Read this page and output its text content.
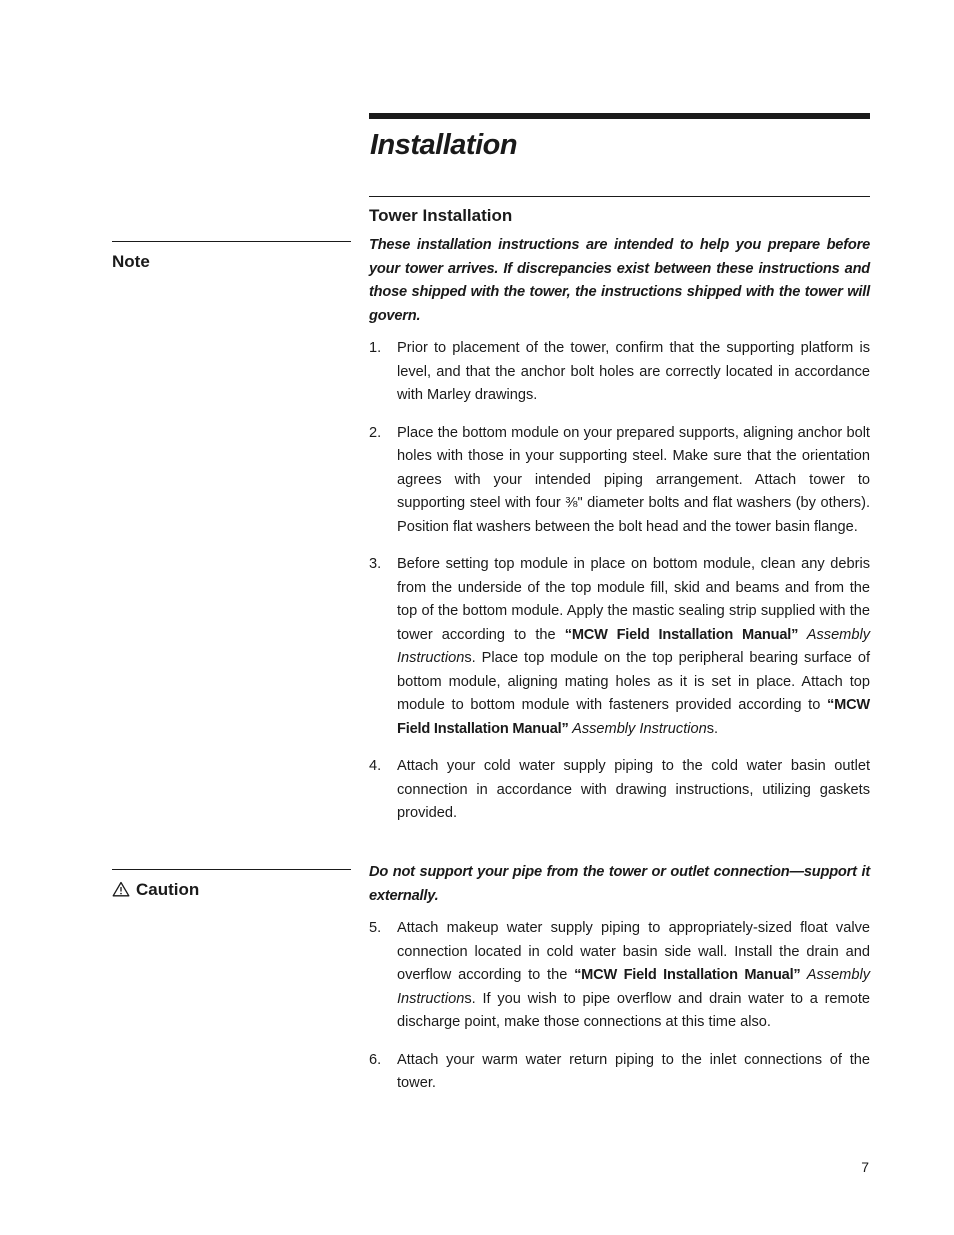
Installation
Tower Installation
Note

These installation instructions are intended to help you prepare before your tower arrives. If discrepancies exist between these instructions and those shipped with the tower, the instructions shipped with the tower will govern.

1. Prior to placement of the tower, confirm that the supporting platform is level, and that the anchor bolt holes are correctly located in accordance with Marley drawings.
2. Place the bottom module on your prepared supports, aligning anchor bolt holes with those in your supporting steel. Make sure that the orientation agrees with your intended piping arrangement. Attach tower to supporting steel with four ⅜" diameter bolts and flat washers (by others). Position flat washers between the bolt head and the tower basin flange.
3. Before setting top module in place on bottom module, clean any debris from the underside of the top module fill, skid and beams and from the top of the bottom module. Apply the mastic sealing strip supplied with the tower according to the “MCW Field Installation Manual” Assembly Instructions. Place top module on the top peripheral bearing surface of bottom module, aligning mating holes as it is set in place. Attach top module to bottom module with fasteners provided according to “MCW Field Installation Manual” Assembly Instructions.
4. Attach your cold water supply piping to the cold water basin outlet connection in accordance with drawing instructions, utilizing gaskets provided.
Caution

Do not support your pipe from the tower or outlet connection—support it externally.

5. Attach makeup water supply piping to appropriately-sized float valve connection located in cold water basin side wall. Install the drain and overflow according to the “MCW Field Installation Manual” Assembly Instructions. If you wish to pipe overflow and drain water to a remote discharge point, make those connections at this time also.
6. Attach your warm water return piping to the inlet connections of the tower.
7
